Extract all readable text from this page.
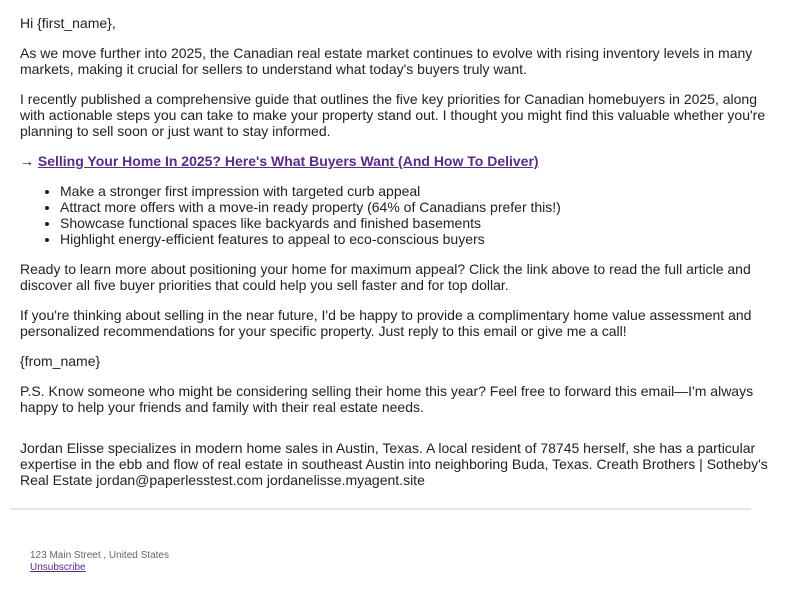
Hi {first_name},

As we move further into 2025, the Canadian real estate market continues to evolve with rising inventory levels in many markets, making it crucial for sellers to understand what today's buyers truly want.

I recently published a comprehensive guide that outlines the five key priorities for Canadian homebuyers in 2025, along with actionable steps you can take to make your property stand out. I thought you might find this valuable whether you're planning to sell soon or just want to stay informed.

→ Selling Your Home In 2025? Here's What Buyers Want (And How To Deliver)

• Make a stronger first impression with targeted curb appeal
• Attract more offers with a move-in ready property (64% of Canadians prefer this!)
• Showcase functional spaces like backyards and finished basements
• Highlight energy-efficient features to appeal to eco-conscious buyers

Ready to learn more about positioning your home for maximum appeal? Click the link above to read the full article and discover all five buyer priorities that could help you sell faster and for top dollar.

If you're thinking about selling in the near future, I'd be happy to provide a complimentary home value assessment and personalized recommendations for your specific property. Just reply to this email or give me a call!

{from_name}

P.S. Know someone who might be considering selling their home this year? Feel free to forward this email—I'm always happy to help your friends and family with their real estate needs.

Jordan Elisse specializes in modern home sales in Austin, Texas. A local resident of 78745 herself, she has a particular expertise in the ebb and flow of real estate in southeast Austin into neighboring Buda, Texas. Creath Brothers | Sotheby's Real Estate jordan@paperlesstest.com jordanelisse.myagent.site

123 Main Street , United States
Unsubscribe
